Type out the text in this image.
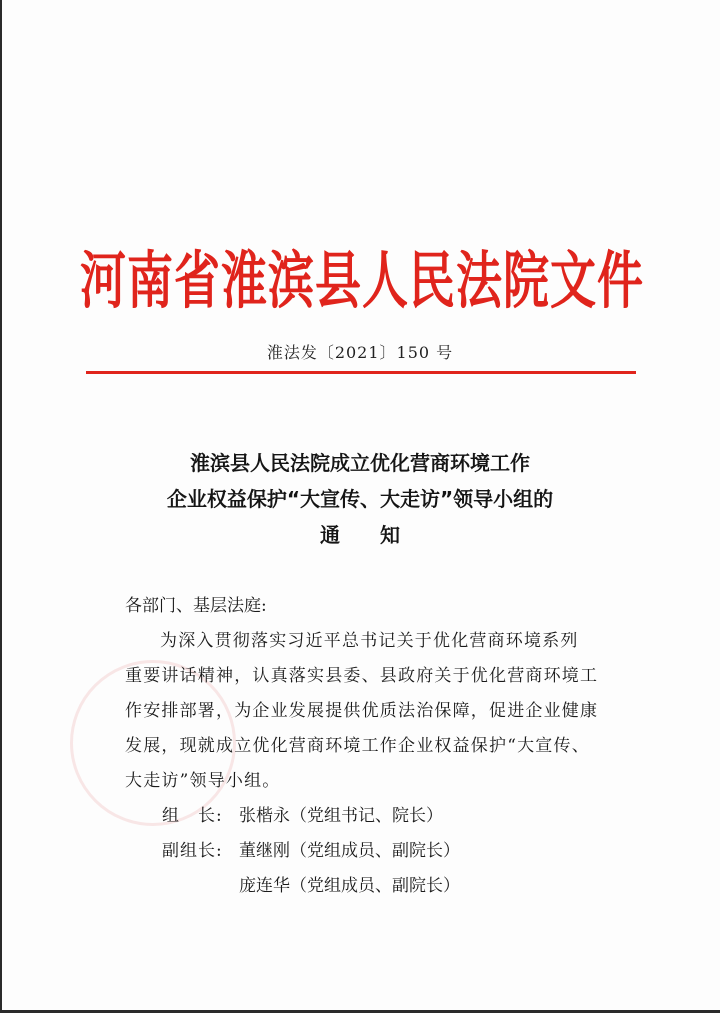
河南省淮滨县人民法院文件
淮法发〔2021〕150 号
淮滨县人民法院成立优化营商环境工作
企业权益保护“大宣传、大走访”领导小组的
通知
各部门、基层法庭:
为深入贯彻落实习近平总书记关于优化营商环境系列
重要讲话精神，认真落实县委、县政府关于优化营商环境工
作安排部署，为企业发展提供优质法治保障，促进企业健康
发展，现就成立优化营商环境工作企业权益保护“大宣传、
大走访”领导小组。
组　长: 张楷永（党组书记、院长）
副组长: 董继刚（党组成员、副院长）
庞连华（党组成员、副院长）
